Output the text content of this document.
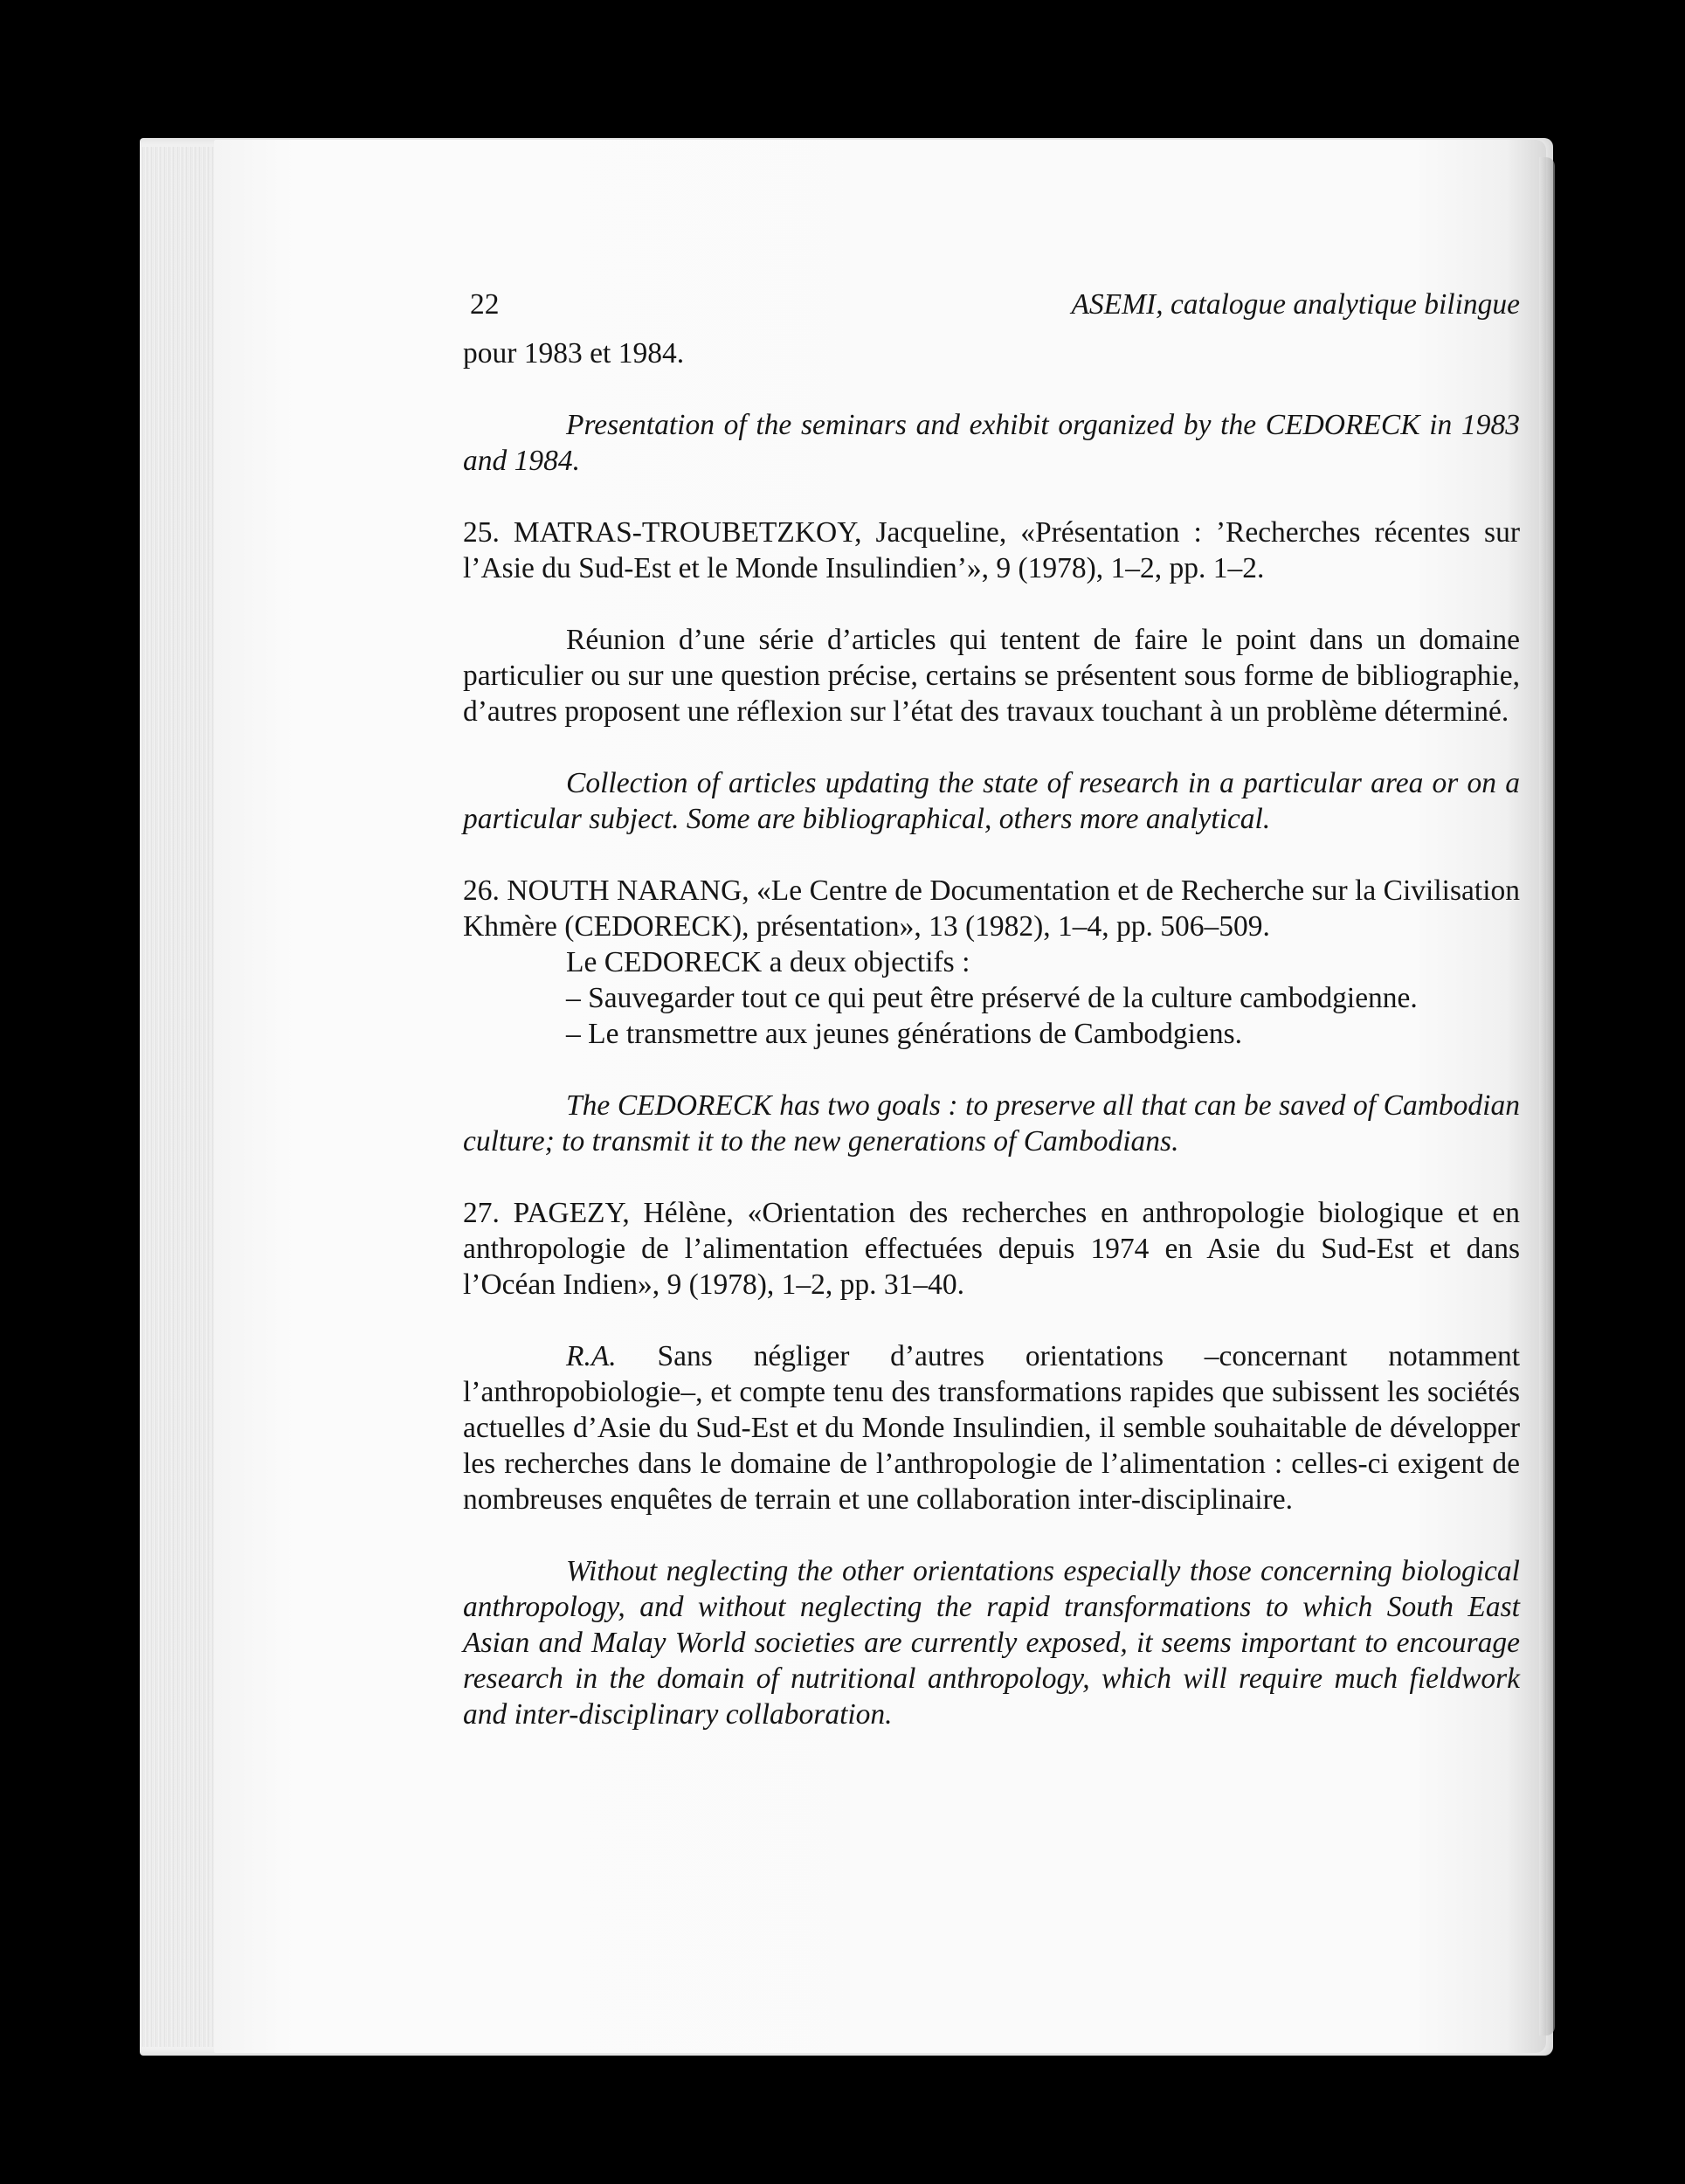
22	ASEMI, catalogue analytique bilingue

pour 1983 et 1984.

Presentation of the seminars and exhibit organized by the CEDORECK in 1983 and 1984.

25. MATRAS-TROUBETZKOY, Jacqueline, «Présentation : ’Recherches récentes sur l’Asie du Sud-Est et le Monde Insulindien’», 9 (1978), 1–2, pp. 1–2.

Réunion d’une série d’articles qui tentent de faire le point dans un domaine particulier ou sur une question précise, certains se présentent sous forme de bibliographie, d’autres proposent une réflexion sur l’état des travaux touchant à un problème déterminé.

Collection of articles updating the state of research in a particular area or on a particular subject. Some are bibliographical, others more analytical.

26. NOUTH NARANG, «Le Centre de Documentation et de Recherche sur la Civilisation Khmère (CEDORECK), présentation», 13 (1982), 1–4, pp. 506–509.

Le CEDORECK a deux objectifs :
– Sauvegarder tout ce qui peut être préservé de la culture cambodgienne.
– Le transmettre aux jeunes générations de Cambodgiens.

The CEDORECK has two goals : to preserve all that can be saved of Cambodian culture; to transmit it to the new generations of Cambodians.

27. PAGEZY, Hélène, «Orientation des recherches en anthropologie biologique et en anthropologie de l’alimentation effectuées depuis 1974 en Asie du Sud-Est et dans l’Océan Indien», 9 (1978), 1–2, pp. 31–40.

R.A. Sans négliger d’autres orientations –concernant notamment l’anthropobiologie–, et compte tenu des transformations rapides que subissent les sociétés actuelles d’Asie du Sud-Est et du Monde Insulindien, il semble souhaitable de développer les recherches dans le domaine de l’anthropologie de l’alimentation : celles-ci exigent de nombreuses enquêtes de terrain et une collaboration inter-disciplinaire.

Without neglecting the other orientations especially those concerning biological anthropology, and without neglecting the rapid transformations to which South East Asian and Malay World societies are currently exposed, it seems important to encourage research in the domain of nutritional anthropology, which will require much fieldwork and inter-disciplinary collaboration.
